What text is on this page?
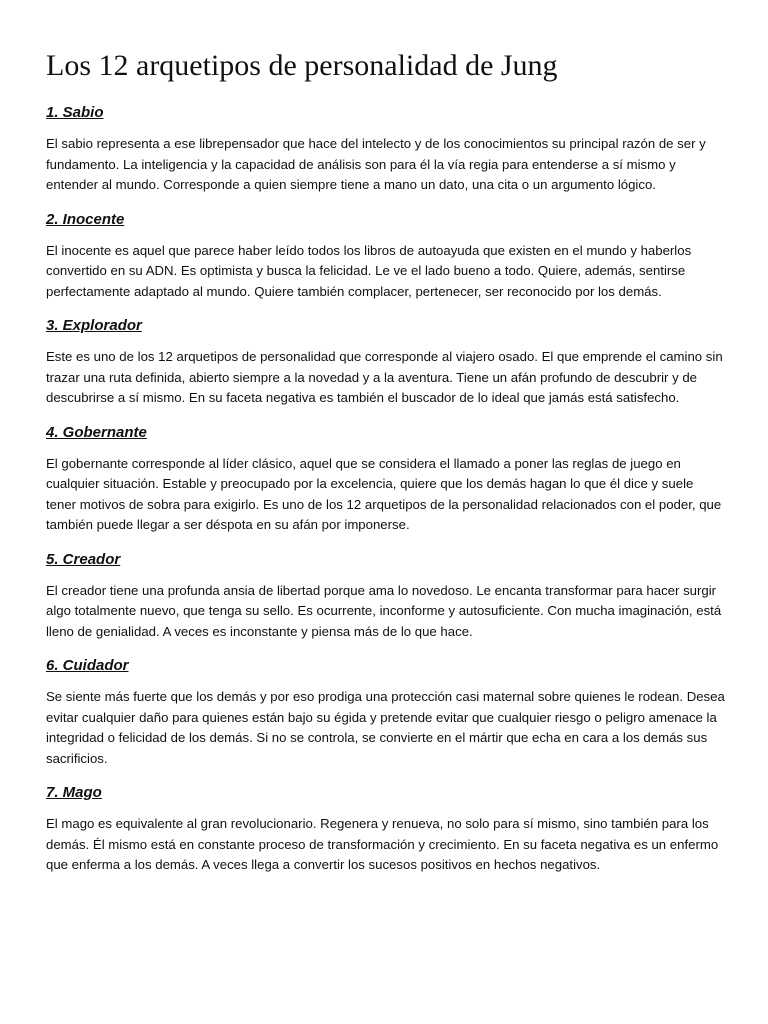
Los 12 arquetipos de personalidad de Jung
1. Sabio

El sabio representa a ese librepensador que hace del intelecto y de los conocimientos su principal razón de ser y fundamento. La inteligencia y la capacidad de análisis son para él la vía regia para entenderse a sí mismo y entender al mundo. Corresponde a quien siempre tiene a mano un dato, una cita o un argumento lógico.

2. Inocente

El inocente es aquel que parece haber leído todos los libros de autoayuda que existen en el mundo y haberlos convertido en su ADN. Es optimista y busca la felicidad. Le ve el lado bueno a todo. Quiere, además, sentirse perfectamente adaptado al mundo. Quiere también complacer, pertenecer, ser reconocido por los demás.

3. Explorador

Este es uno de los 12 arquetipos de personalidad que corresponde al viajero osado. El que emprende el camino sin trazar una ruta definida, abierto siempre a la novedad y a la aventura. Tiene un afán profundo de descubrir y de descubrirse a sí mismo. En su faceta negativa es también el buscador de lo ideal que jamás está satisfecho.

4. Gobernante

El gobernante corresponde al líder clásico, aquel que se considera el llamado a poner las reglas de juego en cualquier situación. Estable y preocupado por la excelencia, quiere que los demás hagan lo que él dice y suele tener motivos de sobra para exigirlo. Es uno de los 12 arquetipos de la personalidad relacionados con el poder, que también puede llegar a ser déspota en su afán por imponerse.

5. Creador

El creador tiene una profunda ansia de libertad porque ama lo novedoso. Le encanta transformar para hacer surgir algo totalmente nuevo, que tenga su sello. Es ocurrente, inconforme y autosuficiente. Con mucha imaginación, está lleno de genialidad. A veces es inconstante y piensa más de lo que hace.

6. Cuidador

Se siente más fuerte que los demás y por eso prodiga una protección casi maternal sobre quienes le rodean. Desea evitar cualquier daño para quienes están bajo su égida y pretende evitar que cualquier riesgo o peligro amenace la integridad o felicidad de los demás. Si no se controla, se convierte en el mártir que echa en cara a los demás sus sacrificios.

7. Mago

El mago es equivalente al gran revolucionario. Regenera y renueva, no solo para sí mismo, sino también para los demás. Él mismo está en constante proceso de transformación y crecimiento. En su faceta negativa es un enfermo que enferma a los demás. A veces llega a convertir los sucesos positivos en hechos negativos.
